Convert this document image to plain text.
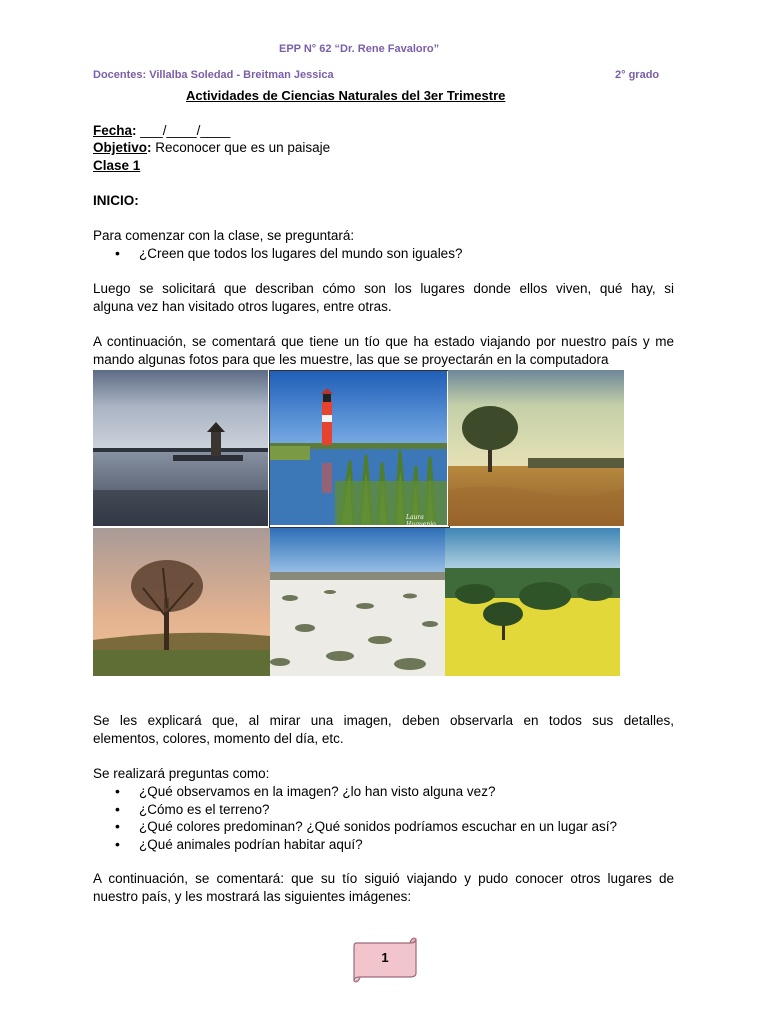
EPP N° 62 “Dr. Rene Favaloro”
Docentes: Villalba Soledad - Breitman Jessica	2° grado
Actividades de Ciencias Naturales del 3er Trimestre
Fecha: ___/____/____
Objetivo: Reconocer que es un paisaje
Clase 1
INICIO:
Para comenzar con la clase, se preguntará:
• ¿Creen que todos los lugares del mundo son iguales?
Luego se solicitará que describan cómo son los lugares donde ellos viven, qué hay, si
alguna vez han visitado otros lugares, entre otras.
A continuación, se comentará que tiene un tío que ha estado viajando por nuestro país y me
mando algunas fotos para que les muestre, las que se proyectarán en la computadora
Laura Huguenjo
Se les explicará que, al mirar una imagen, deben observarla en todos sus detalles,
elementos, colores, momento del día, etc.
Se realizará preguntas como:
• ¿Qué observamos en la imagen? ¿lo han visto alguna vez?
• ¿Cómo es el terreno?
• ¿Qué colores predominan? ¿Qué sonidos podríamos escuchar en un lugar así?
• ¿Qué animales podrían habitar aquí?
A continuación, se comentará: que su tío siguió viajando y pudo conocer otros lugares de
nuestro país, y les mostrará las siguientes imágenes:
1
